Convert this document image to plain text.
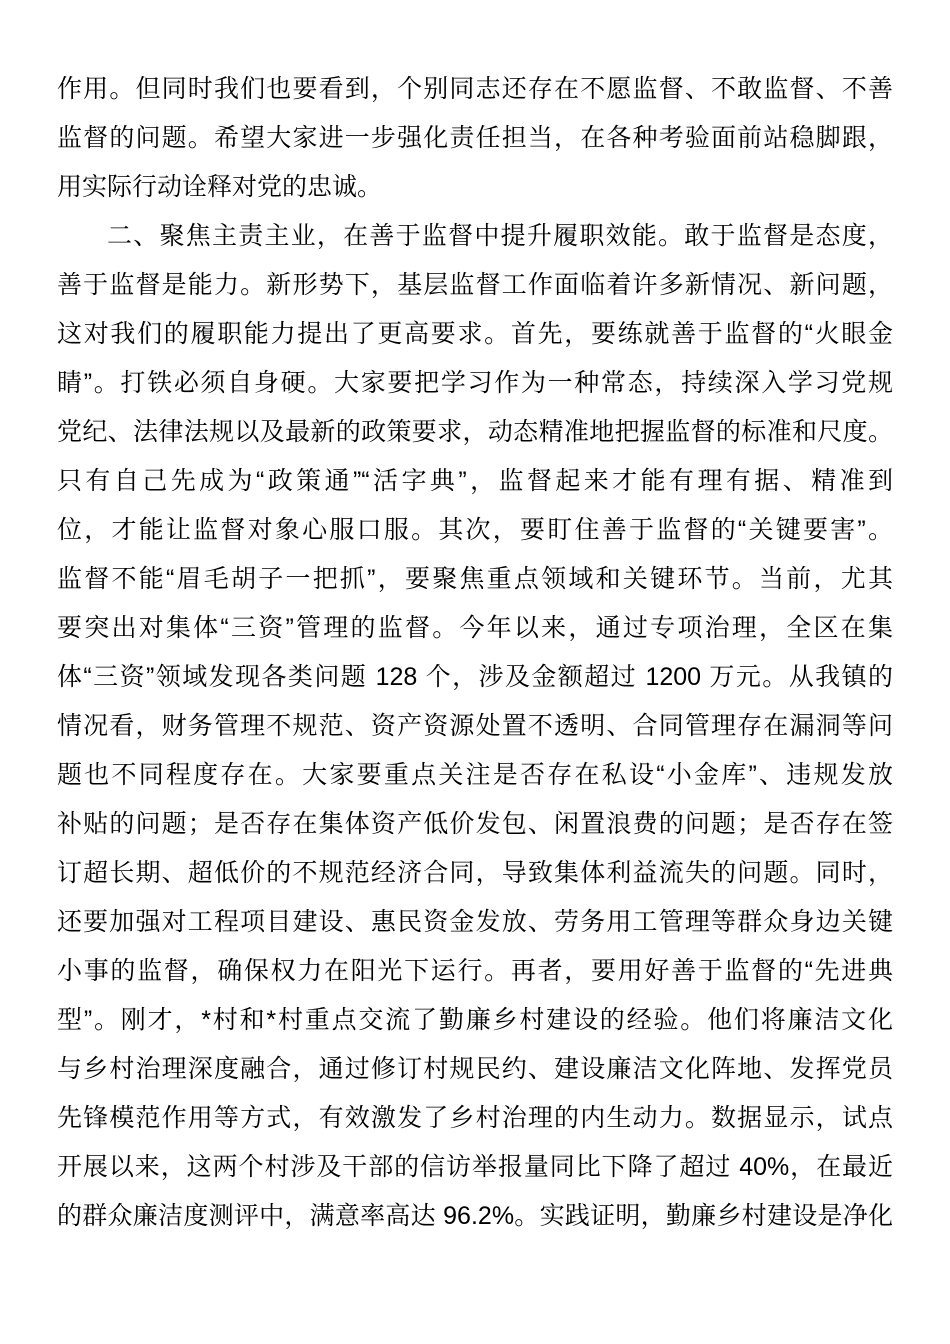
作用。但同时我们也要看到，个别同志还存在不愿监督、不敢监督、不善
监督的问题。希望大家进一步强化责任担当，在各种考验面前站稳脚跟，
用实际行动诠释对党的忠诚。
二、聚焦主责主业，在善于监督中提升履职效能。敢于监督是态度，
善于监督是能力。新形势下，基层监督工作面临着许多新情况、新问题，
这对我们的履职能力提出了更高要求。首先，要练就善于监督的“火眼金
睛”。打铁必须自身硬。大家要把学习作为一种常态，持续深入学习党规
党纪、法律法规以及最新的政策要求，动态精准地把握监督的标准和尺度。
只有自己先成为“政策通”“活字典”，监督起来才能有理有据、精准到
位，才能让监督对象心服口服。其次，要盯住善于监督的“关键要害”。
监督不能“眉毛胡子一把抓”，要聚焦重点领域和关键环节。当前，尤其
要突出对集体“三资”管理的监督。今年以来，通过专项治理，全区在集
体“三资”领域发现各类问题 128 个，涉及金额超过 1200 万元。从我镇的
情况看，财务管理不规范、资产资源处置不透明、合同管理存在漏洞等问
题也不同程度存在。大家要重点关注是否存在私设“小金库”、违规发放
补贴的问题；是否存在集体资产低价发包、闲置浪费的问题；是否存在签
订超长期、超低价的不规范经济合同，导致集体利益流失的问题。同时，
还要加强对工程项目建设、惠民资金发放、劳务用工管理等群众身边关键
小事的监督，确保权力在阳光下运行。再者，要用好善于监督的“先进典
型”。刚才，*村和*村重点交流了勤廉乡村建设的经验。他们将廉洁文化
与乡村治理深度融合，通过修订村规民约、建设廉洁文化阵地、发挥党员
先锋模范作用等方式，有效激发了乡村治理的内生动力。数据显示，试点
开展以来，这两个村涉及干部的信访举报量同比下降了超过 40%，在最近
的群众廉洁度测评中，满意率高达 96.2%。实践证明，勤廉乡村建设是净化
